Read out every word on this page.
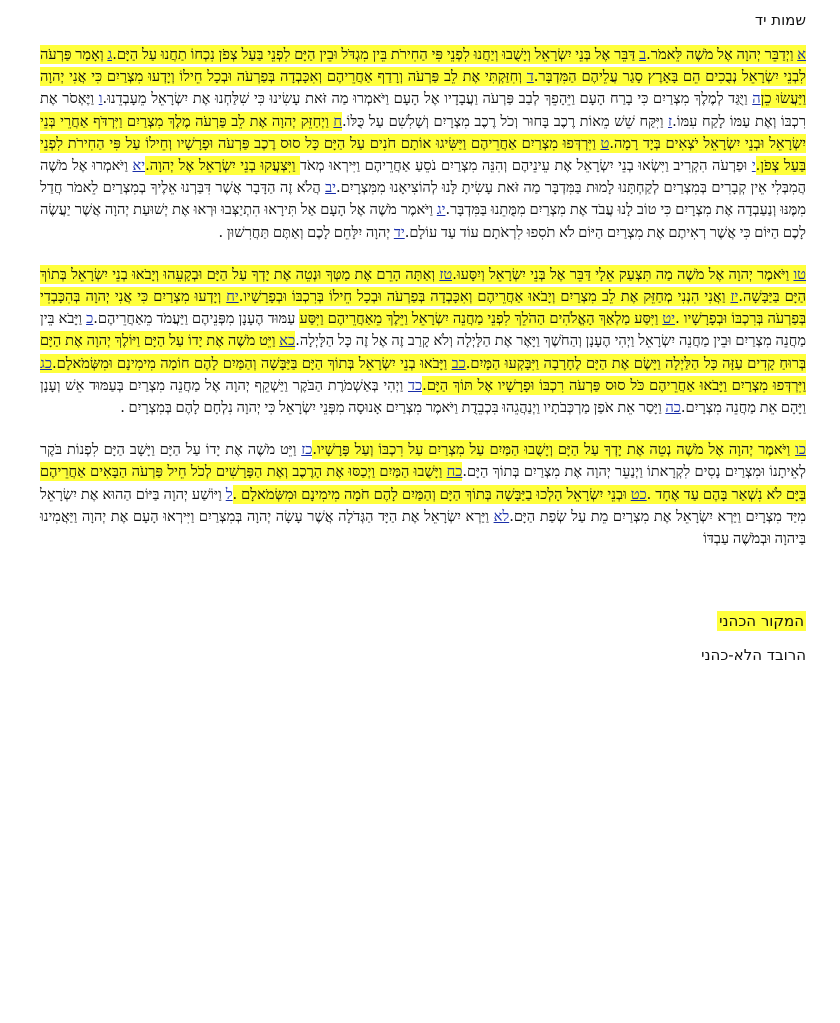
שמות יד
א וַיְדַבֵּר יְהוָה אֶל מֹשֶׁה לֵּאמֹר.ב דַּבֵּר אֶל בְּנֵי יִשְׂרָאֵל וְיָשֻׁבוּ וְיַחֲנוּ לִפְנֵי פִּי הַחִירֹת בֵּין מִגְדֹּל וּבֵין הַיָּם לִפְנֵי בַּעַל צְפֹן נִכְחוֹ תַחֲנוּ עַל הַיָּם.ג וְאָמַר פַּרְעֹה לִבְנֵי יִשְׂרָאֵל נְבֻכִים הֵם בָּאָרֶץ סָגַר עֲלֵיהֶם הַמִּדְבָּר.ד וְחִזַּקְתִּי אֶת לֵב פַּרְעֹה וְרָדַף אַחֲרֵיהֶם וְאִכָּבְדָה בְּפַרְעֹה וּבְכָל חֵילוֹ וְיָדְעוּ מִצְרַיִם כִּי אֲנִי יְהוָה וַיַּעֲשׂוּ כֵןה וַיֻּגַּד לְמֶלֶךְ מִצְרַיִם כִּי בָרַח הָעָם וַיֵּהָפֵךְ לְבַב פַּרְעֹה וַעֲבָדָיו אֶל הָעָם וַיֹּאמְרוּ מַה זֹּאת עָשִׂינוּ כִּי שִׁלַּחְנוּ אֶת יִשְׂרָאֵל מֵעָבְדֵנוּ.ו וַיֶּאְסֹר אֶת רִכְבּוֹ וְאֶת עַמּוֹ לָקַח עִמּוֹ.ז וַיִּקַּח שֵׁשׁ מֵאוֹת רֶכֶב בָּחוּר וְכֹל רֶכֶב מִצְרָיִם וְשָׁלִשִׁם עַל כֻּלּוֹ.ח וַיְחַזֵּק יְהוָה אֶת לֵב פַּרְעֹה מֶלֶךְ מִצְרַיִם וַיִּרְדֹּף אַחֲרֵי בְּנֵי יִשְׂרָאֵל וּבְנֵי יִשְׂרָאֵל יֹצְאִים בְּיָד רָמָה.ט וַיִּרְדְּפוּ מִצְרַיִם אַחֲרֵיהֶם וַיַּשִּׂיגוּ אוֹתָם חֹנִים עַל הַיָּם כָּל סוּס רֶכֶב פַּרְעֹה וּפָרָשָׁיו וְחֵילוֹ עַל פִּי הַחִירֹת לִפְנֵי בַּעַל צְפֹן.י וּפַרְעֹה הִקְרִיב וַיִּשְׂאוּ בְנֵי יִשְׂרָאֵל אֶת עֵינֵיהֶם וְהִנֵּה מִצְרַיִם נֹסֵעַ אַחֲרֵיהֶם וַיִּירְאוּ מְאֹד וַיִּצְעֲקוּ בְנֵי יִשְׂרָאֵל אֶל יְהוָה.יא וַיֹּאמְרוּ אֶל מֹשֶׁה הֲמִבְּלִי אֵין קְבָרִים בְּמִצְרַיִם לְקַחְתָּנוּ לָמוּת בַּמִּדְבָּר מַה זֹּאת עָשִׂיתָ לָּנוּ לְהוֹצִיאָנוּ מִמִּצְרָיִם.יב הֲלֹא זֶה הַדָּבָר אֲשֶׁר דִּבַּרְנוּ אֵלֶיךָ בְמִצְרַיִם לֵאמֹר חֲדַל מִמֶּנּוּ וְנַעַבְדָה אֶת מִצְרָיִם כִּי טוֹב לָנוּ עֲבֹד אֶת מִצְרַיִם מִמֻּתֵנוּ בַּמִּדְבָּר.יג וַיֹּאמֶר מֹשֶׁה אֶל הָעָם אַל תִּירָאוּ הִתְיַצְּבוּ וּרְאוּ אֶת יְשׁוּעַת יְהוָה אֲשֶׁר יַעֲשֶׂה לָכֶם הַיּוֹם כִּי אֲשֶׁר רְאִיתֶם אֶת מִצְרַיִם הַיּוֹם לֹא תֹסִפוּ לִרְאֹתָם עוֹד עַד עוֹלָם.יד יְהוָה יִלָּחֵם לָכֶם וְאַתֶּם תַּחֲרִשׁוּן .
טו וַיֹּאמֶר יְהוָה אֶל מֹשֶׁה מַה תִּצְעַק אֵלָי דַּבֵּר אֶל בְּנֵי יִשְׂרָאֵל וְיִסָּעוּ.טז וְאַתָּה הָרֵם אֶת מַטְּךָ וּנְטֵה אֶת יָדְךָ עַל הַיָּם וּבְקָעֵהוּ וְיָבֹאוּ בְנֵי יִשְׂרָאֵל בְּתוֹךְ הַיָּם בַּיַּבָּשָׁה.יז וַאֲנִי הִנְנִי מְחַזֵּק אֶת לֵב מִצְרַיִם וְיָבֹאוּ אַחֲרֵיהֶם וְאִכָּבְדָה בְּפַרְעֹה וּבְכָל חֵילוֹ בְּרִכְבּוֹ וּבְפָרָשָׁיו.יח וְיָדְעוּ מִצְרַיִם כִּי אֲנִי יְהוָה בְּהִכָּבְדִי בְּפַרְעֹה בְּרִכְבּוֹ וּבְפָרָשָׁיו .יט וַיִּסַּע מַלְאַךְ הָאֱלֹהִים הַהֹלֵךְ לִפְנֵי מַחֲנֵה יִשְׂרָאֵל וַיֵּלֶךְ מֵאַחֲרֵיהֶם וַיִּסַּע עַמּוּד הֶעָנָן מִפְּנֵיהֶם וַיַּעֲמֹד מֵאַחֲרֵיהֶם.כ וַיָּבֹא בֵּין מַחֲנֵה מִצְרַיִם וּבֵין מַחֲנֵה יִשְׂרָאֵל וַיְהִי הֶעָנָן וְהַחֹשֶׁךְ וַיָּאֶר אֶת הַלָּיְלָה וְלֹא קָרַב זֶה אֶל זֶה כָּל הַלָּיְלָה.כא וַיֵּט מֹשֶׁה אֶת יָדוֹ עַל הַיָּם וַיּוֹלֶךְ יְהוָה אֶת הַיָּם בְּרוּחַ קָדִים עַזָּה כָּל הַלַּיְלָה וַיָּשֶׂם אֶת הַיָּם לֶחָרָבָה וַיִּבָּקְעוּ הַמָּיִם.כב וַיָּבֹאוּ בְנֵי יִשְׂרָאֵל בְּתוֹךְ הַיָּם בַּיַּבָּשָׁה וְהַמַּיִם לָהֶם חוֹמָה מִימִינָם וּמִשְּׂמֹאלָם.כג וַיִּרְדְּפוּ מִצְרַיִם וַיָּבֹאוּ אַחֲרֵיהֶם כֹּל סוּס פַּרְעֹה רִכְבּוֹ וּפָרָשָׁיו אֶל תּוֹךְ הַיָּם.כד וַיְהִי בְּאַשְׁמֹרֶת הַבֹּקֶר וַיַּשְׁקֵף יְהוָה אֶל מַחֲנֵה מִצְרַיִם בְּעַמּוּד אֵשׁ וְעָנָן וַיָּהָם אֵת מַחֲנֵה מִצְרָיִם.כה וַיָּסַר אֵת אֹפַן מַרְכְּבֹתָיו וַיְנַהֲגֵהוּ בִּכְבֵדֻת וַיֹּאמֶר מִצְרַיִם אָנוּסָה מִפְּנֵי יִשְׂרָאֵל כִּי יְהוָה נִלְחָם לָהֶם בְּמִצְרָיִם .
כו וַיֹּאמֶר יְהוָה אֶל מֹשֶׁה נְטֵה אֶת יָדְךָ עַל הַיָּם וְיָשֻׁבוּ הַמַּיִם עַל מִצְרַיִם עַל רִכְבּוֹ וְעַל פָּרָשָׁיו.כז וַיֵּט מֹשֶׁה אֶת יָדוֹ עַל הַיָּם וַיָּשָׁב הַיָּם לִפְנוֹת בֹּקֶר לְאֵיתָנוֹ וּמִצְרַיִם נָסִים לִקְרָאתוֹ וַיְנַעֵר יְהוָה אֶת מִצְרַיִם בְּתוֹךְ הַיָּם.כח וַיָּשֻׁבוּ הַמַּיִם וַיְכַסּוּ אֶת הָרֶכֶב וְאֶת הַפָּרָשִׁים לְכֹל חֵיל פַּרְעֹה הַבָּאִים אַחֲרֵיהֶם בַּיָּם לֹא נִשְׁאַר בָּהֶם עַד אֶחָד .כט וּבְנֵי יִשְׂרָאֵל הָלְכוּ בַיַּבָּשָׁה בְּתוֹךְ הַיָּם וְהַמַּיִם לָהֶם חֹמָה מִימִינָם וּמִשְּׂמֹאלָם .ל וַיּוֹשַׁע יְהוָה בַּיּוֹם הַהוּא אֶת יִשְׂרָאֵל מִיַּד מִצְרָיִם וַיַּרְא יִשְׂרָאֵל אֶת מִצְרַיִם מֵת עַל שְׂפַת הַיָּם.לא וַיַּרְא יִשְׂרָאֵל אֶת הַיָּד הַגְּדֹלָה אֲשֶׁר עָשָׂה יְהוָה בְּמִצְרַיִם וַיִּירְאוּ הָעָם אֶת יְהוָה וַיַּאֲמִינוּ בַּיהוָה וּבְמֹשֶׁה עַבְדּוֹ
המקור הכהני
הרובד הלא-כהני
